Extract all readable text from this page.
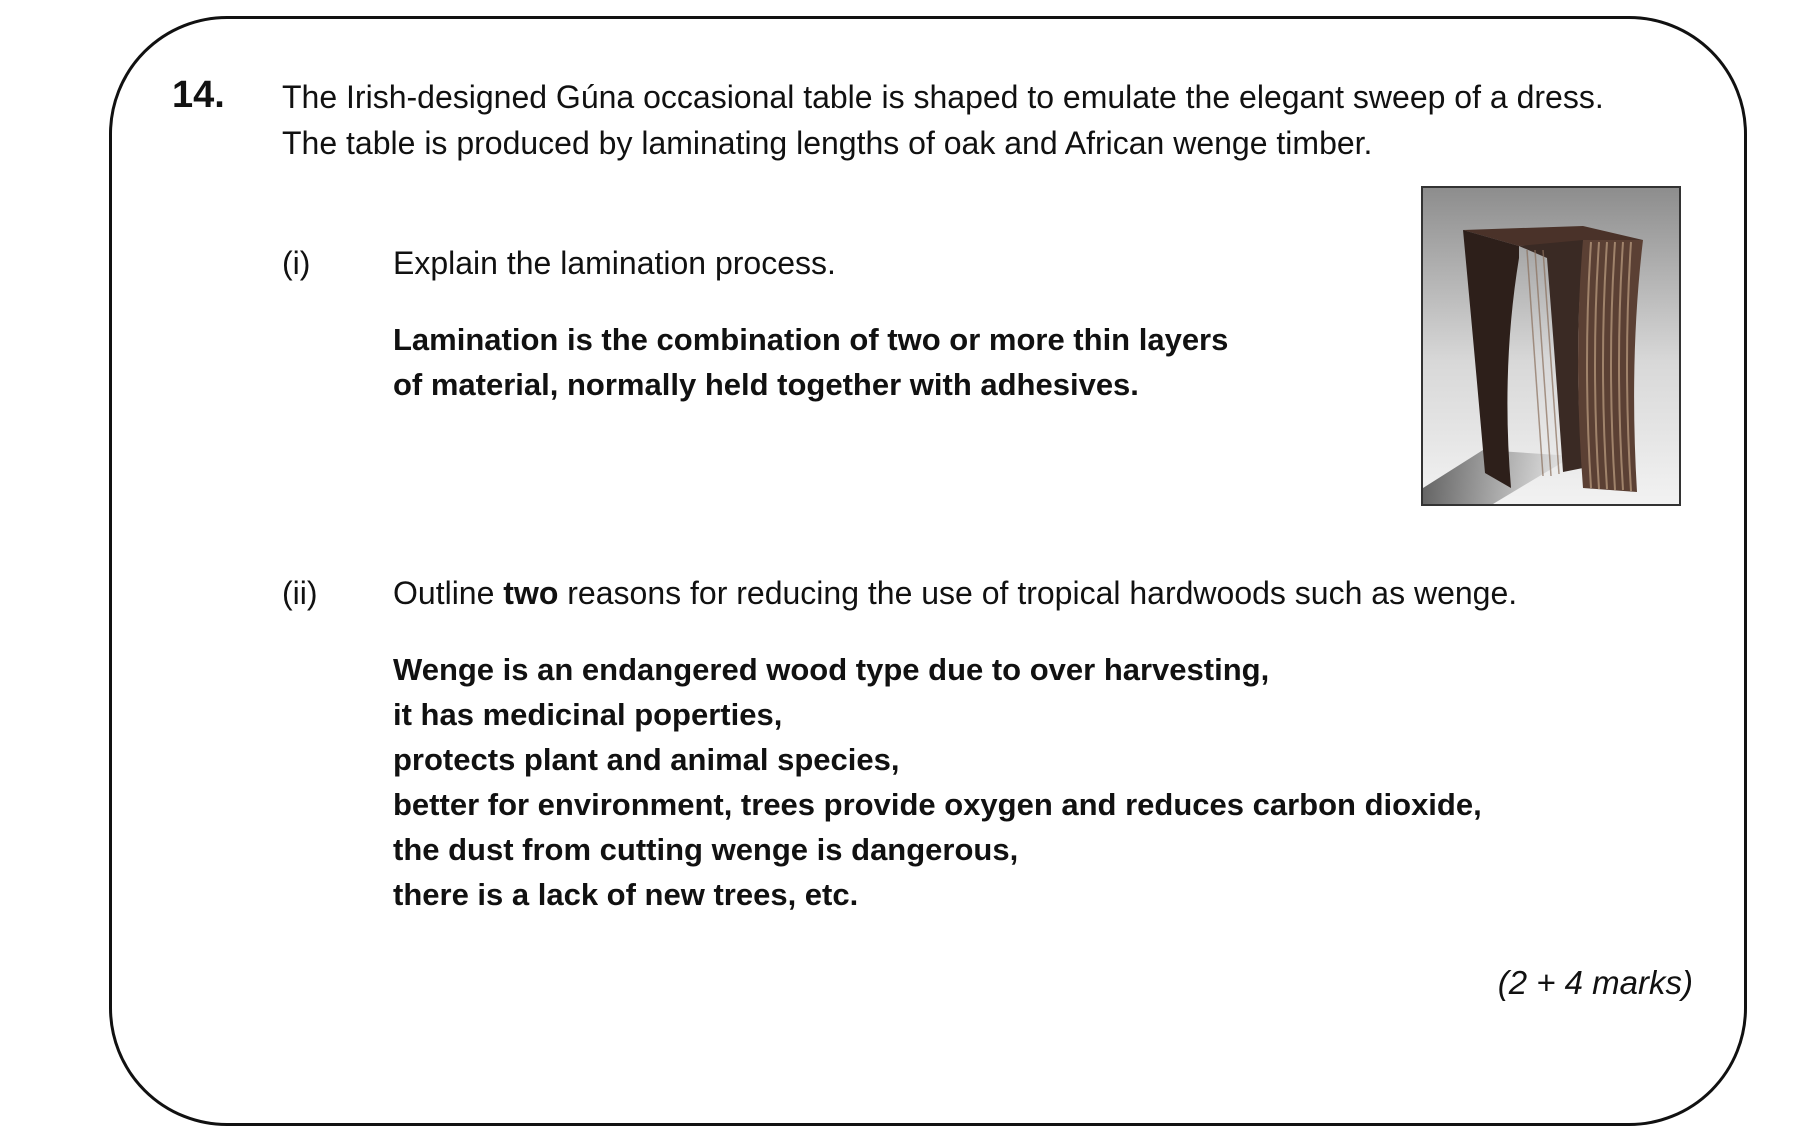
14. The Irish-designed Gúna occasional table is shaped to emulate the elegant sweep of a dress.
The table is produced by laminating lengths of oak and African wenge timber.
(i)	Explain the lamination process.
Lamination is the combination of two or more thin layers
of material, normally held together with adhesives.
(ii) Outline two reasons for reducing the use of tropical hardwoods such as wenge.
Wenge is an endangered wood type due to over harvesting,
it has medicinal poperties,
protects plant and animal species,
better for environment, trees provide oxygen and reduces carbon dioxide,
the dust from cutting wenge is dangerous,
there is a lack of new trees, etc.
(2 + 4 marks)
